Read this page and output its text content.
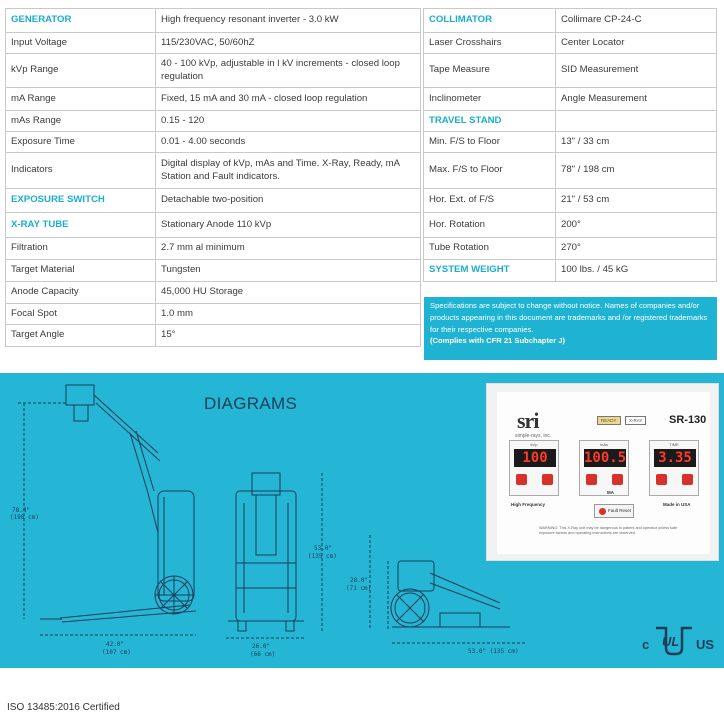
GENERATOR	High frequency resonant inverter - 3.0 kW
Input Voltage	115/230VAC, 50/60hZ
kVp Range	40 - 100 kVp, adjustable in l kV increments - closed loop regulation
mA Range	Fixed, 15 mA and 30 mA - closed loop regulation
mAs Range	0.15 - 120
Exposure Time	0.01 - 4.00 seconds
Indicators	Digital display of kVp, mAs and Time. X-Ray, Ready, mA Station and Fault indicators.
EXPOSURE SWITCH	Detachable two-position
X-RAY TUBE	Stationary Anode 110 kVp
Filtration	2.7 mm al minimum
Target Material	Tungsten
Anode Capacity	45,000 HU Storage
Focal Spot	1.0 mm
Target Angle	15°
COLLIMATOR	Collimare CP-24-C
Laser Crosshairs	Center Locator
Tape Measure	SID Measurement
Inclinometer	Angle Measurement
TRAVEL STAND	
Min. F/S to Floor	13" / 33 cm
Max. F/S to Floor	78" / 198 cm
Hor. Ext. of F/S	21" / 53 cm
Hor. Rotation	200°
Tube Rotation	270°
SYSTEM WEIGHT	100 lbs. / 45 kG
Specifications are subject to change without notice. Names of companies and/or products appearing in this document are trademarks and /or registered trademarks for their respective companies.
(Complies with CFR 21 Subchapter J)
DIAGRAMS
78.0"
(198 cm)
42.0"
(107 cm)
26.0"
(66 cm)
53.0"
(135 cm)
28.0"
(71 cm)
53.0" (135 cm)
sri
simple·rays, inc.
READY	X-RAY	SR-130
kVp
100
mAs
100.5
TIME
3.35
High Frequency	Made in USA
MA
Fault Reset
WARNING: This X-Ray unit may be dangerous to patient and operator unless safe exposure factors and operating instructions are observed.
c UL US
ISO 13485:2016 Certified
